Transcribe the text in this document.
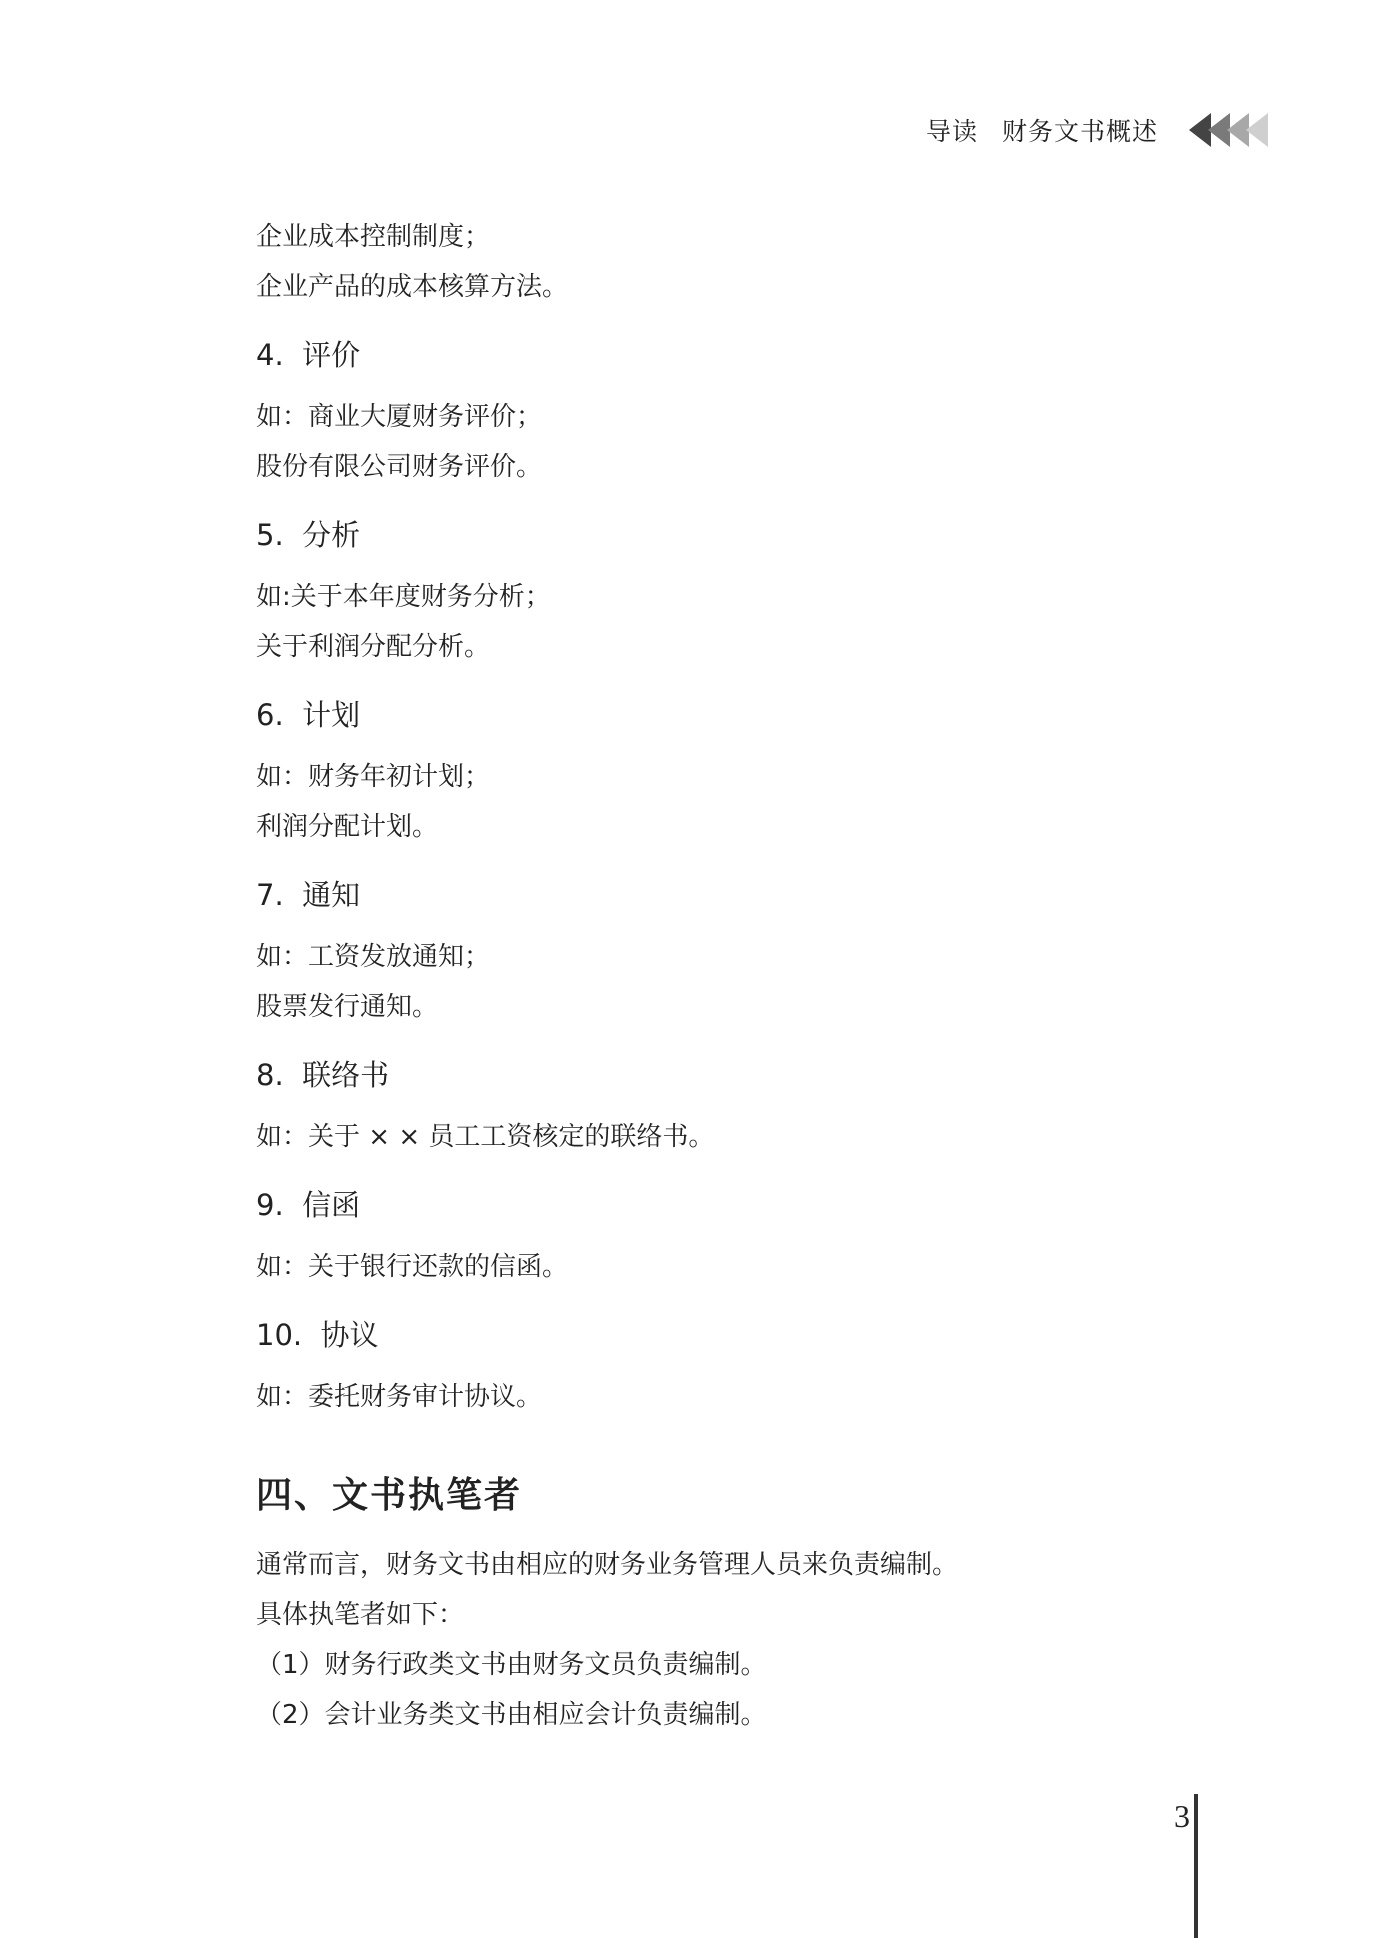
导读 财务文书概述
企业成本控制制度；
企业产品的成本核算方法。
4.  评价
如：商业大厦财务评价；
股份有限公司财务评价。
5.  分析
如:关于本年度财务分析；
关于利润分配分析。
6.  计划
如：财务年初计划；
利润分配计划。
7.  通知
如：工资发放通知；
股票发行通知。
8.  联络书
如：关于 × × 员工工资核定的联络书。
9.  信函
如：关于银行还款的信函。
10.  协议
如：委托财务审计协议。
四、文书执笔者
通常而言，财务文书由相应的财务业务管理人员来负责编制。
具体执笔者如下：
（1）财务行政类文书由财务文员负责编制。
（2）会计业务类文书由相应会计负责编制。
3
